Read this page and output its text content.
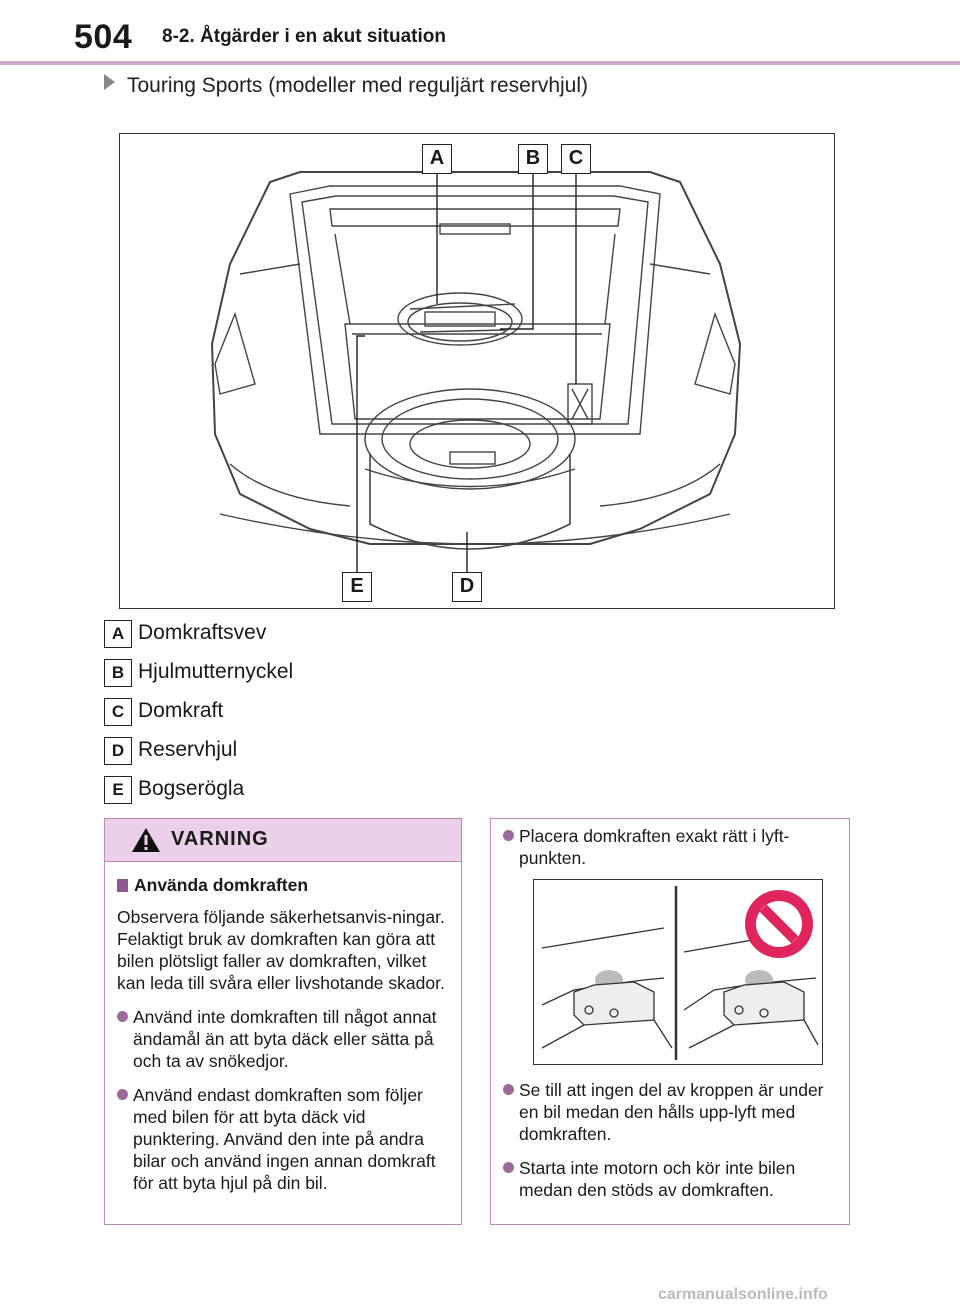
504 8-2. Åtgärder i en akut situation
Touring Sports (modeller med reguljärt reservhjul)
A	B	C
E	D
A Domkraftsvev
B Hjulmutternyckel
C Domkraft
D Reservhjul
E Bogserögla
VARNING
Använda domkraften
Observera följande säkerhetsanvis-ningar. Felaktigt bruk av domkraften kan göra att bilen plötsligt faller av domkraften, vilket kan leda till svåra eller livshotande skador.
Använd inte domkraften till något annat ändamål än att byta däck eller sätta på och ta av snökedjor.
Använd endast domkraften som följer med bilen för att byta däck vid punktering. Använd den inte på andra bilar och använd ingen annan domkraft för att byta hjul på din bil.
Placera domkraften exakt rätt i lyft-punkten.
Se till att ingen del av kroppen är under en bil medan den hålls upp-lyft med domkraften.
Starta inte motorn och kör inte bilen medan den stöds av domkraften.
carmanualsonline.info
